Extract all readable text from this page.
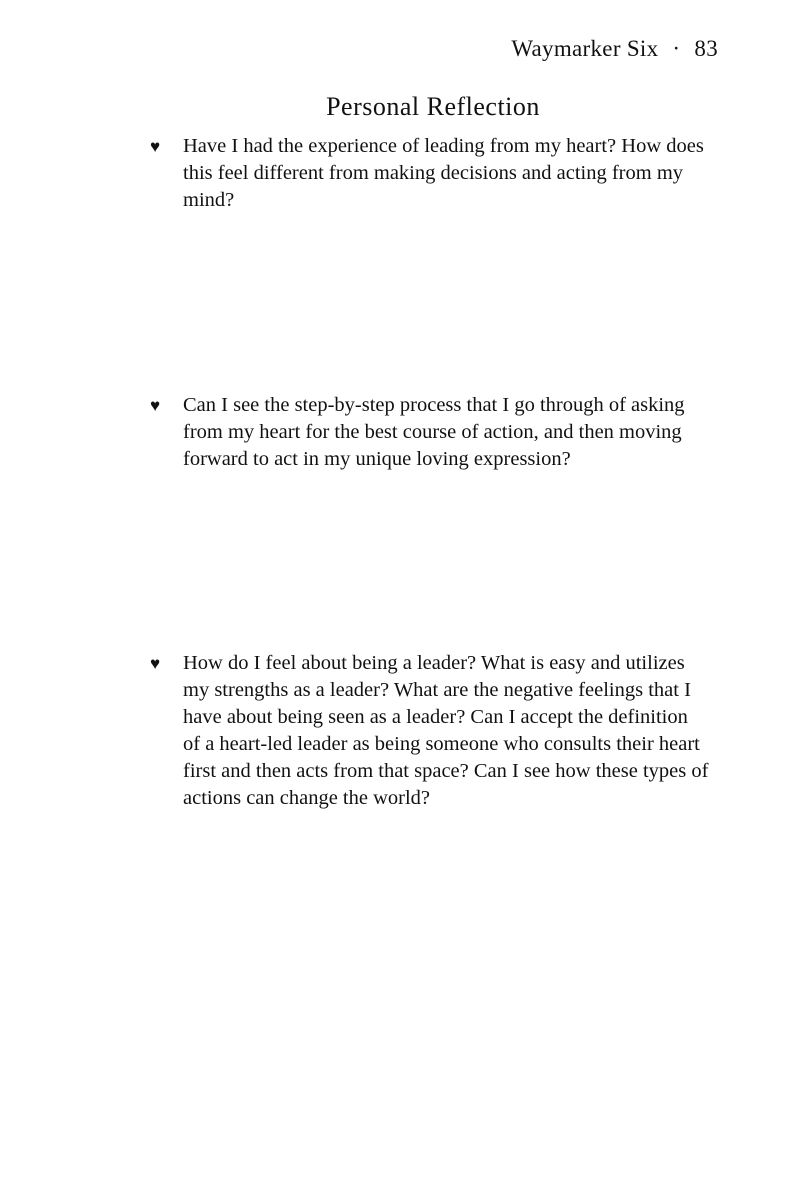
Waymarker Six · 83
Personal Reflection
♥ Have I had the experience of leading from my heart? How does this feel different from making decisions and acting from my mind?
♥ Can I see the step-by-step process that I go through of asking from my heart for the best course of action, and then moving forward to act in my unique loving expression?
♥ How do I feel about being a leader? What is easy and utilizes my strengths as a leader? What are the negative feelings that I have about being seen as a leader? Can I accept the definition of a heart-led leader as being someone who consults their heart first and then acts from that space? Can I see how these types of actions can change the world?
